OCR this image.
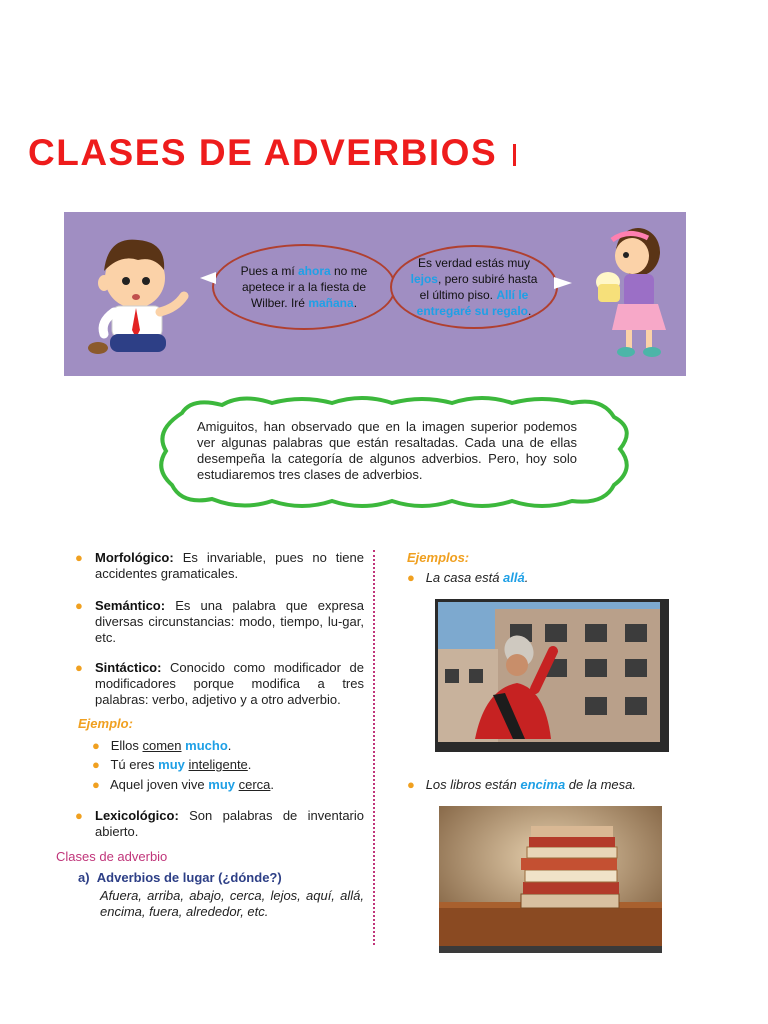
CLASES DE ADVERBIOS
Pues a mí ahora no me apetece ir a la fiesta de Wilber. Iré mañana.
Es verdad estás muy lejos, pero subiré hasta el último piso. Allí le entregaré su regalo.
Amiguitos, han observado que en la imagen superior podemos ver algunas palabras que están resaltadas. Cada una de ellas desempeña la categoría de algunos adverbios. Pero, hoy solo estudiaremos tres clases de adverbios.
● Morfológico: Es invariable, pues no tiene accidentes gramaticales.
● Semántico: Es una palabra que expresa diversas circunstancias: modo, tiempo, lu-gar, etc.
● Sintáctico: Conocido como modificador de modificadores porque modifica a tres palabras: verbo, adjetivo y a otro adverbio.
Ejemplo:
● Ellos comen mucho.
● Tú eres muy inteligente.
● Aquel joven vive muy cerca.
● Lexicológico: Son palabras de inventario abierto.
Clases de adverbio
a) Adverbios de lugar (¿dónde?)
Afuera, arriba, abajo, cerca, lejos, aquí, allá, encima, fuera, alrededor, etc.
Ejemplos:
● La casa está allá.
● Los libros están encima de la mesa.
